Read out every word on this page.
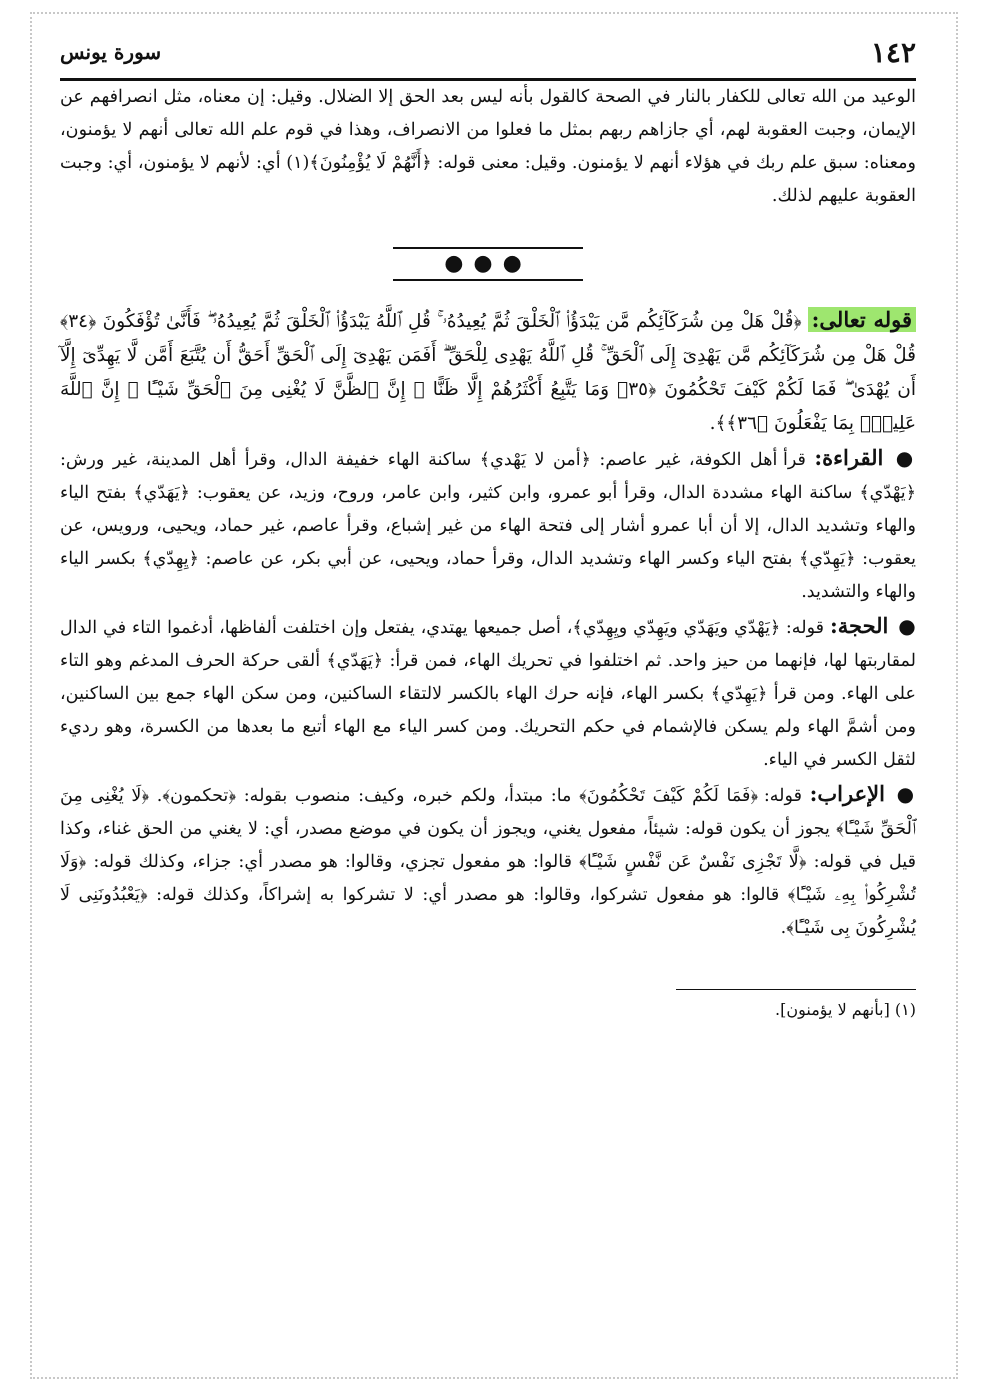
١٤٢
سورة يونس

الوعيد من الله تعالى للكفار بالنار في الصحة كالقول بأنه ليس بعد الحق إلا الضلال. وقيل: إن معناه، مثل انصرافهم عن الإيمان، وجبت العقوبة لهم، أي جازاهم ربهم بمثل ما فعلوا من الانصراف، وهذا في قوم علم الله تعالى أنهم لا يؤمنون، ومعناه: سبق علم ربك في هؤلاء أنهم لا يؤمنون. وقيل: معنى قوله: ﴿أَنَّهُمْ لَا يُؤْمِنُونَ﴾(١) أي: لأنهم لا يؤمنون، أي: وجبت العقوبة عليهم لذلك.

●●●

قوله تعالى: ﴿قُلْ هَلْ مِن شُرَكَآئِكُم مَّن يَبْدَؤُا۟ ٱلْخَلْقَ ثُمَّ يُعِيدُهُۥ ۚ قُلِ ٱللَّهُ يَبْدَؤُا۟ ٱلْخَلْقَ ثُمَّ يُعِيدُهُۥ ۖ فَأَنَّىٰ تُؤْفَكُونَ ﴿٣٤﴾ قُلْ هَلْ مِن شُرَكَآئِكُم مَّن يَهْدِىٓ إِلَى ٱلْحَقِّ ۚ قُلِ ٱللَّهُ يَهْدِى لِلْحَقِّ ۗ أَفَمَن يَهْدِىٓ إِلَى ٱلْحَقِّ أَحَقُّ أَن يُتَّبَعَ أَمَّن لَّا يَهِدِّىٓ إِلَّآ أَن يُهْدَىٰ ۖ فَمَا لَكُمْ كَيْفَ تَحْكُمُونَ ﴿٣٥﴾ وَمَا يَتَّبِعُ أَكْثَرُهُمْ إِلَّا ظَنًّا ۚ إِنَّ ٱلظَّنَّ لَا يُغْنِى مِنَ ٱلْحَقِّ شَيْـًٔا ۚ إِنَّ ٱللَّهَ عَلِيمٌۢ بِمَا يَفْعَلُونَ ﴿٣٦﴾﴾.

● القراءة: قرأ أهل الكوفة، غير عاصم: ﴿أمن لا يَهْدي﴾ ساكنة الهاء خفيفة الدال، وقرأ أهل المدينة، غير ورش: ﴿يَهْدّي﴾ ساكنة الهاء مشددة الدال، وقرأ أبو عمرو، وابن كثير، وابن عامر، وروح، وزيد، عن يعقوب: ﴿يَهَدّي﴾ بفتح الياء والهاء وتشديد الدال، إلا أن أبا عمرو أشار إلى فتحة الهاء من غير إشباع، وقرأ عاصم، غير حماد، ويحيى، ورويس، عن يعقوب: ﴿يَهِدّي﴾ بفتح الياء وكسر الهاء وتشديد الدال، وقرأ حماد، ويحيى، عن أبي بكر، عن عاصم: ﴿يِهِدّي﴾ بكسر الياء والهاء والتشديد.

● الحجة: قوله: ﴿يَهْدّي ويَهَدّي ويَهِدّي ويِهِدّي﴾، أصل جميعها يهتدي، يفتعل وإن اختلفت ألفاظها، أدغموا التاء في الدال لمقاربتها لها، فإنهما من حيز واحد. ثم اختلفوا في تحريك الهاء، فمن قرأ: ﴿يَهَدّي﴾ ألقى حركة الحرف المدغم وهو التاء على الهاء. ومن قرأ ﴿يَهِدّي﴾ بكسر الهاء، فإنه حرك الهاء بالكسر لالتقاء الساكنين، ومن سكن الهاء جمع بين الساكنين، ومن أشمَّ الهاء ولم يسكن فالإشمام في حكم التحريك. ومن كسر الياء مع الهاء أتبع ما بعدها من الكسرة، وهو رديء لثقل الكسر في الياء.

● الإعراب: قوله: ﴿فَمَا لَكُمْ كَيْفَ تَحْكُمُونَ﴾ ما: مبتدأ، ولكم خبره، وكيف: منصوب بقوله: ﴿تحكمون﴾. ﴿لَا يُغْنِى مِنَ ٱلْحَقِّ شَيْـًٔا﴾ يجوز أن يكون قوله: شيئاً، مفعول يغني، ويجوز أن يكون في موضع مصدر، أي: لا يغني من الحق غناء، وكذا قيل في قوله: ﴿لَّا تَجْزِى نَفْسٌ عَن نَّفْسٍ شَيْـًٔا﴾ قالوا: هو مفعول تجزي، وقالوا: هو مصدر أي: جزاء، وكذلك قوله: ﴿وَلَا تُشْرِكُوا۟ بِهِۦ شَيْـًٔا﴾ قالوا: هو مفعول تشركوا، وقالوا: هو مصدر أي: لا تشركوا به إشراكاً، وكذلك قوله: ﴿يَعْبُدُونَنِى لَا يُشْرِكُونَ بِى شَيْـًٔا﴾.

(١) [بأنهم لا يؤمنون].
